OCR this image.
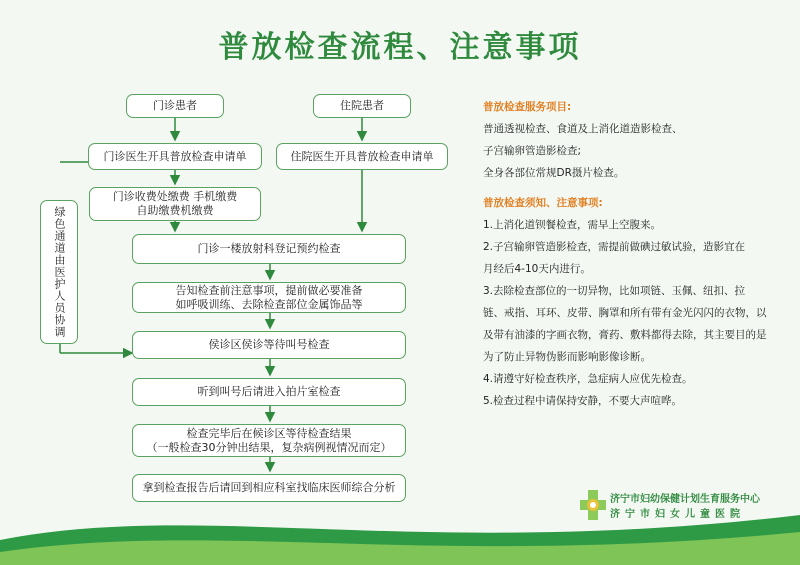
普放检查流程、注意事项
门诊患者	住院患者
门诊医生开具普放检查申请单	住院医生开具普放检查申请单
门诊收费处缴费 手机缴费
自助缴费机缴费
门诊一楼放射科登记预约检查
告知检查前注意事项，提前做必要准备
如呼吸训练、去除检查部位金属饰品等
侯诊区侯诊等待叫号检查
听到叫号后请进入拍片室检查
检查完毕后在候诊区等待检查结果
（一般检查30分钟出结果，复杂病例视情况而定）
拿到检查报告后请回到相应科室找临床医师综合分析
绿色通道由医护人员协调
普放检查服务项目:
普通透视检查、食道及上消化道造影检查、
子宫输卵管造影检查;
全身各部位常规DR摄片检查。
普放检查须知、注意事项:
1.上消化道钡餐检查，需早上空腹来。
2.子宫输卵管造影检查，需提前做碘过敏试验，造影宜在
月经后4-10天内进行。
3.去除检查部位的一切异物，比如项链、玉佩、纽扣、拉
链、戒指、耳环、皮带、胸罩和所有带有金光闪闪的衣物，以
及带有油漆的字画衣物，膏药、敷料都得去除，其主要目的是
为了防止异物伪影而影响影像诊断。
4.请遵守好检查秩序，急症病人应优先检查。
5.检查过程中请保持安静，不要大声喧哗。
济宁市妇幼保健计划生育服务中心
济宁市妇女儿童医院
